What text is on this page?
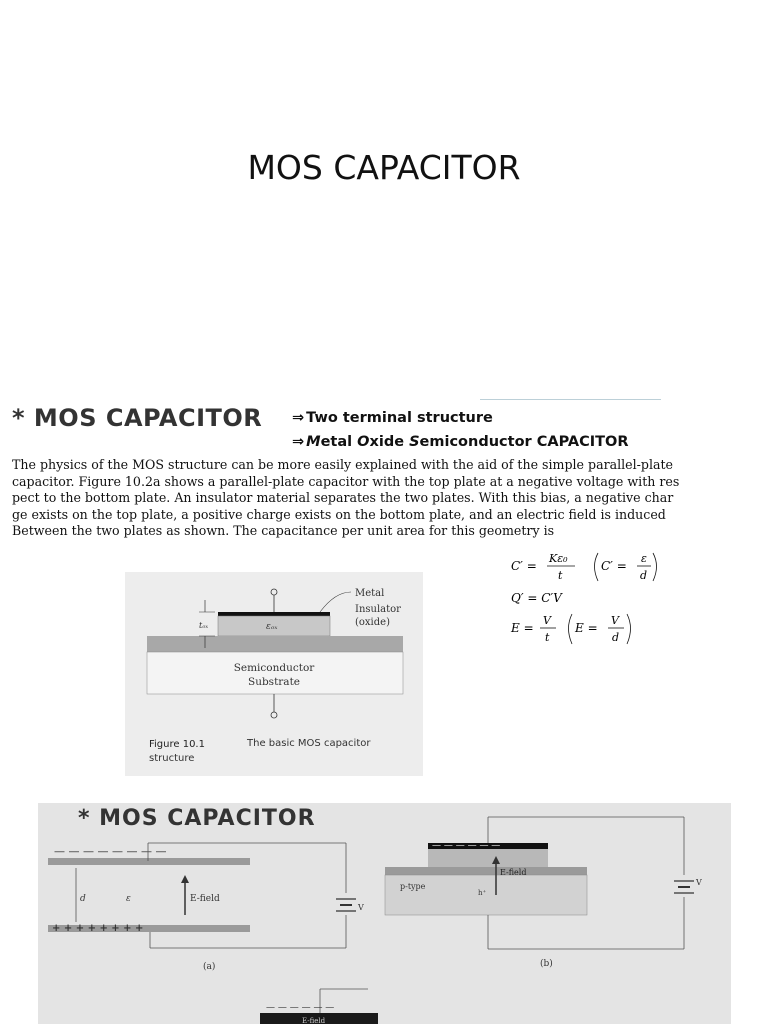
MOS CAPACITOR
* MOS CAPACITOR ⇒ Two terminal structure
⇒ Metal Oxide Semiconductor CAPACITOR
The physics of the MOS structure can be more easily explained with the aid of the simple parallel-plate
capacitor. Figure 10.2a shows a parallel-plate capacitor with the top plate at a negative voltage with res
pect to the bottom plate. An insulator material separates the two plates. With this bias, a negative char
ge exists on the top plate, a positive charge exists on the bottom plate, and an electric field is induced
Between the two plates as shown. The capacitance per unit area for this geometry is
C′ =
Kε₀
t
C′ =
ε
d
Q′ = C′V
E =
V
t
E =
V
d
tₒₓ	εₒₓ
Metal
Insulator
(oxide)
Semiconductor
Substrate
Figure 10.1	The basic MOS capacitor
structure
* MOS CAPACITOR
— — — — — — — —
+ + + + + + + +
d	ε	E-field
V
(a)
— — — — — —
p-type
E-field
h⁺
V
(b)
— — — — — —
E-field
